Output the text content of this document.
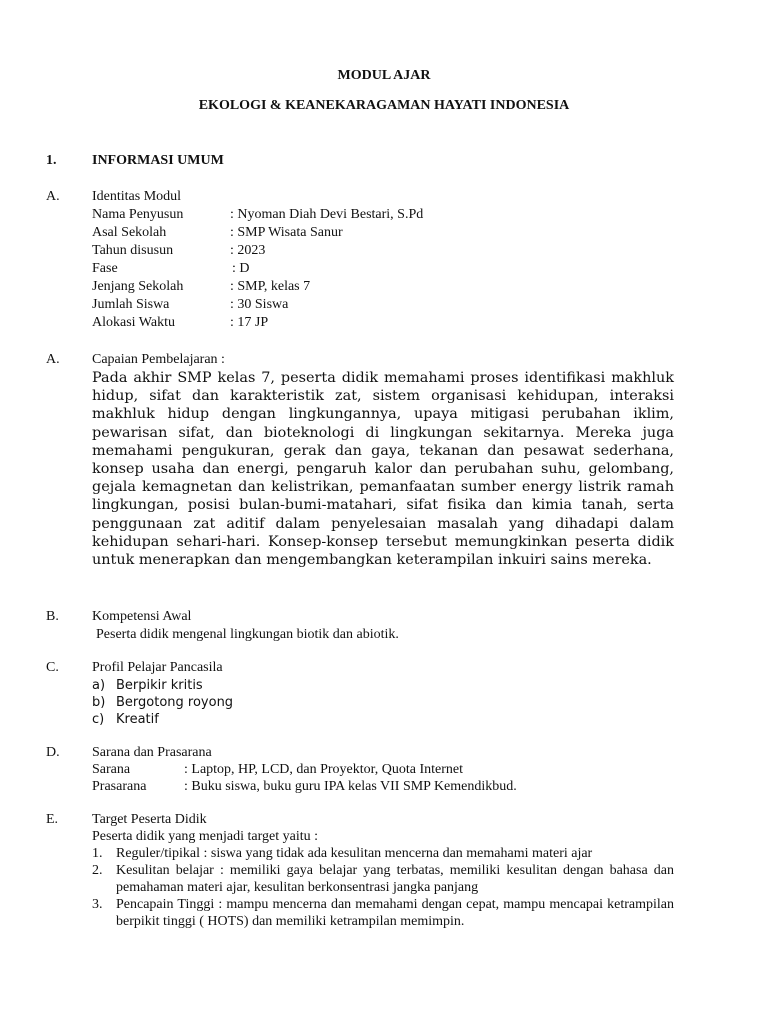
MODUL AJAR
EKOLOGI & KEANEKARAGAMAN HAYATI INDONESIA
1.	INFORMASI UMUM
A. Identitas Modul
Nama Penyusun	: Nyoman Diah Devi Bestari, S.Pd
Asal Sekolah	: SMP Wisata Sanur
Tahun disusun	: 2023
Fase	: D
Jenjang Sekolah	: SMP, kelas 7
Jumlah Siswa	: 30 Siswa
Alokasi Waktu	: 17 JP
A. Capaian Pembelajaran :
Pada akhir SMP kelas 7, peserta didik memahami proses identifikasi makhluk hidup, sifat dan karakteristik zat, sistem organisasi kehidupan, interaksi makhluk hidup dengan lingkungannya, upaya mitigasi perubahan iklim, pewarisan sifat, dan bioteknologi di lingkungan sekitarnya. Mereka juga memahami pengukuran, gerak dan gaya, tekanan dan pesawat sederhana, konsep usaha dan energi, pengaruh kalor dan perubahan suhu, gelombang, gejala kemagnetan dan kelistrikan, pemanfaatan sumber energy listrik ramah lingkungan, posisi bulan-bumi-matahari, sifat fisika dan kimia tanah, serta penggunaan zat aditif dalam penyelesaian masalah yang dihadapi dalam kehidupan sehari-hari. Konsep-konsep tersebut memungkinkan peserta didik untuk menerapkan dan mengembangkan keterampilan inkuiri sains mereka.
B. Kompetensi Awal
Peserta didik mengenal lingkungan biotik dan abiotik.
C. Profil Pelajar Pancasila
a) Berpikir kritis
b) Bergotong royong
c) Kreatif
D. Sarana dan Prasarana
Sarana	: Laptop, HP, LCD, dan Proyektor, Quota Internet
Prasarana	: Buku siswa, buku guru IPA kelas VII SMP Kemendikbud.
E. Target Peserta Didik
Peserta didik yang menjadi target yaitu :
1. Reguler/tipikal : siswa yang tidak ada kesulitan mencerna dan memahami materi ajar
2. Kesulitan belajar : memiliki gaya belajar yang terbatas, memiliki kesulitan dengan bahasa dan pemahaman materi ajar, kesulitan berkonsentrasi jangka panjang
3. Pencapain Tinggi : mampu mencerna dan memahami dengan cepat, mampu mencapai ketrampilan berpikit tinggi ( HOTS) dan memiliki ketrampilan memimpin.
